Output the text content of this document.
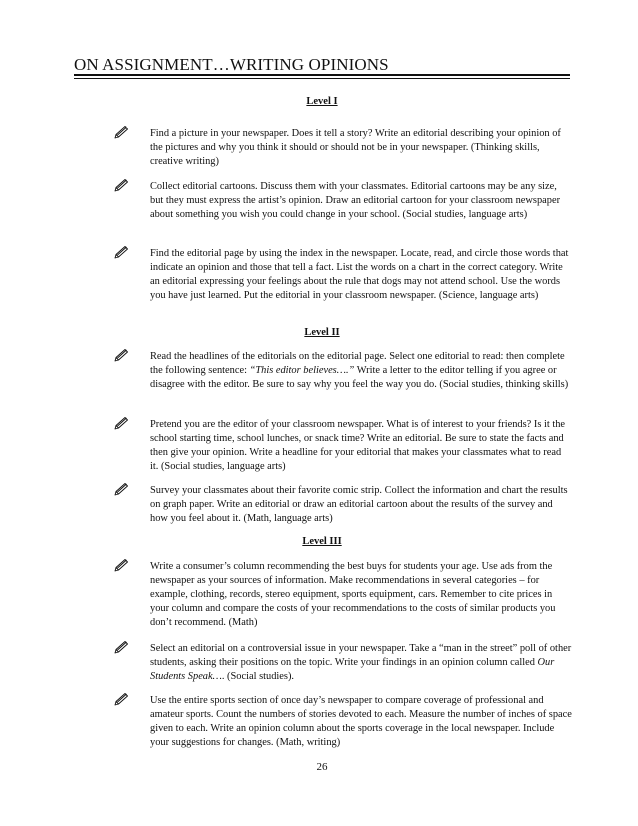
ON ASSIGNMENT…WRITING OPINIONS
Level I
Find a picture in your newspaper. Does it tell a story? Write an editorial describing your opinion of the pictures and why you think it should or should not be in your newspaper. (Thinking skills, creative writing)
Collect editorial cartoons. Discuss them with your classmates. Editorial cartoons may be any size, but they must express the artist’s opinion. Draw an editorial cartoon for your classroom newspaper about something you wish you could change in your school. (Social studies, language arts)
Find the editorial page by using the index in the newspaper. Locate, read, and circle those words that indicate an opinion and those that tell a fact. List the words on a chart in the correct category. Write an editorial expressing your feelings about the rule that dogs may not attend school. Use the words you have just learned. Put the editorial in your classroom newspaper. (Science, language arts)
Level II
Read the headlines of the editorials on the editorial page. Select one editorial to read: then complete the following sentence: “This editor believes….” Write a letter to the editor telling if you agree or disagree with the editor. Be sure to say why you feel the way you do. (Social studies, thinking skills)
Pretend you are the editor of your classroom newspaper. What is of interest to your friends? Is it the school starting time, school lunches, or snack time? Write an editorial. Be sure to state the facts and then give your opinion. Write a headline for your editorial that makes your classmates what to read it. (Social studies, language arts)
Survey your classmates about their favorite comic strip. Collect the information and chart the results on graph paper. Write an editorial or draw an editorial cartoon about the results of the survey and how you feel about it. (Math, language arts)
Level III
Write a consumer’s column recommending the best buys for students your age. Use ads from the newspaper as your sources of information. Make recommendations in several categories – for example, clothing, records, stereo equipment, sports equipment, cars. Remember to cite prices in your column and compare the costs of your recommendations to the costs of similar products you don’t recommend. (Math)
Select an editorial on a controversial issue in your newspaper. Take a “man in the street” poll of other students, asking their positions on the topic. Write your findings in an opinion column called Our Students Speak…. (Social studies).
Use the entire sports section of once day’s newspaper to compare coverage of professional and amateur sports. Count the numbers of stories devoted to each. Measure the number of inches of space given to each. Write an opinion column about the sports coverage in the local newspaper. Include your suggestions for changes. (Math, writing)
26
